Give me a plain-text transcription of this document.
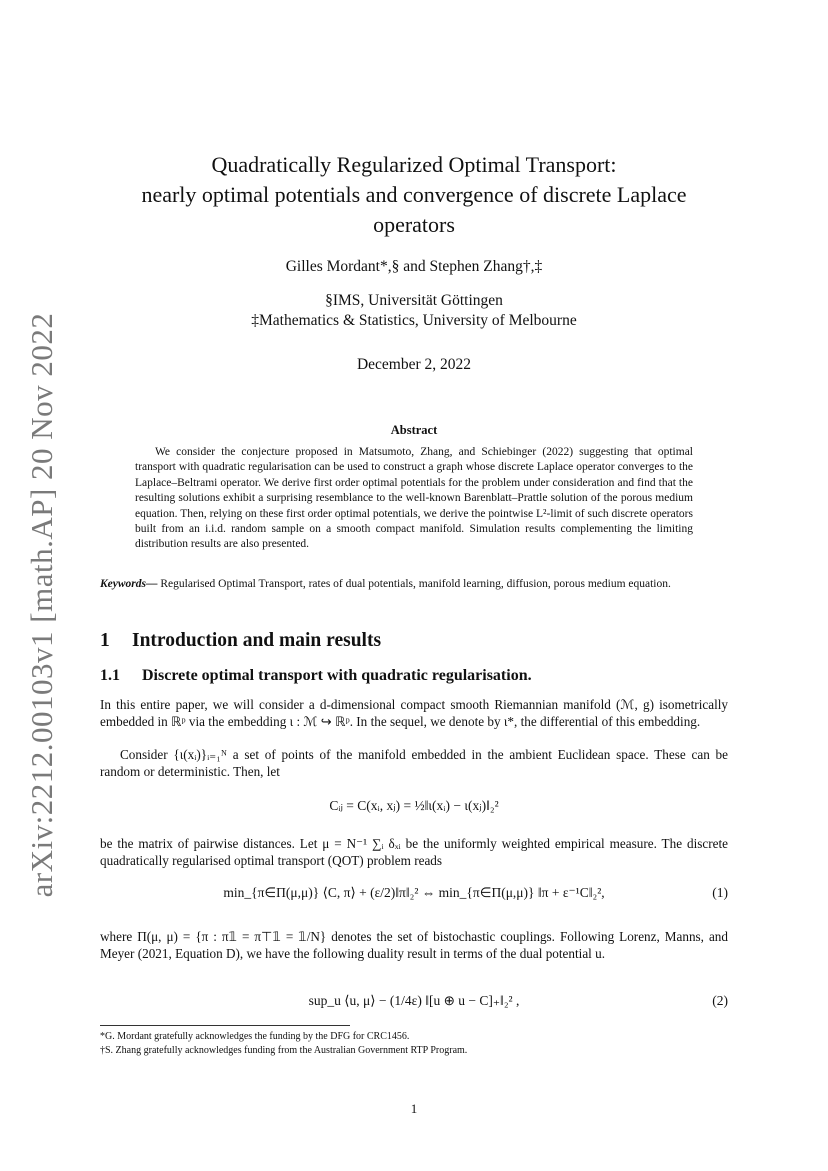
arXiv:2212.00103v1 [math.AP] 20 Nov 2022
Quadratically Regularized Optimal Transport:
nearly optimal potentials and convergence of discrete Laplace
operators
Gilles Mordant*,§ and Stephen Zhang†,‡
§IMS, Universität Göttingen
‡Mathematics & Statistics, University of Melbourne
December 2, 2022
Abstract
We consider the conjecture proposed in Matsumoto, Zhang, and Schiebinger (2022) suggesting that optimal transport with quadratic regularisation can be used to construct a graph whose discrete Laplace operator converges to the Laplace–Beltrami operator. We derive first order optimal potentials for the problem under consideration and find that the resulting solutions exhibit a surprising resemblance to the well-known Barenblatt–Prattle solution of the porous medium equation. Then, relying on these first order optimal potentials, we derive the pointwise L²-limit of such discrete operators built from an i.i.d. random sample on a smooth compact manifold. Simulation results complementing the limiting distribution results are also presented.
Keywords— Regularised Optimal Transport, rates of dual potentials, manifold learning, diffusion, porous medium equation.
1 Introduction and main results
1.1 Discrete optimal transport with quadratic regularisation.
In this entire paper, we will consider a d-dimensional compact smooth Riemannian manifold (ℳ, g) isometrically embedded in ℝᵖ via the embedding ι : ℳ ↪ ℝᵖ. In the sequel, we denote by ι*, the differential of this embedding.
Consider {ι(xᵢ)}ᵢ₌₁ᴺ a set of points of the manifold embedded in the ambient Euclidean space. These can be random or deterministic. Then, let
Cᵢⱼ = C(xᵢ, xⱼ) = ½‖ι(xᵢ) − ι(xⱼ)‖₂²
be the matrix of pairwise distances. Let μ = N⁻¹ ∑ᵢ δₓᵢ be the uniformly weighted empirical measure. The discrete quadratically regularised optimal transport (QOT) problem reads
min_{π∈Π(μ,μ)} ⟨C, π⟩ + (ε/2)‖π‖₂² ⇔ min_{π∈Π(μ,μ)} ‖π + ε⁻¹C‖₂²,	(1)
where Π(μ, μ) = {π : π𝟙 = π⊤𝟙 = 𝟙/N} denotes the set of bistochastic couplings. Following Lorenz, Manns, and Meyer (2021, Equation D), we have the following duality result in terms of the dual potential u.
sup_u ⟨u, μ⟩ − (1/4ε) ‖[u ⊕ u − C]₊‖₂² ,	(2)
*G. Mordant gratefully acknowledges the funding by the DFG for CRC1456.
†S. Zhang gratefully acknowledges funding from the Australian Government RTP Program.
1
